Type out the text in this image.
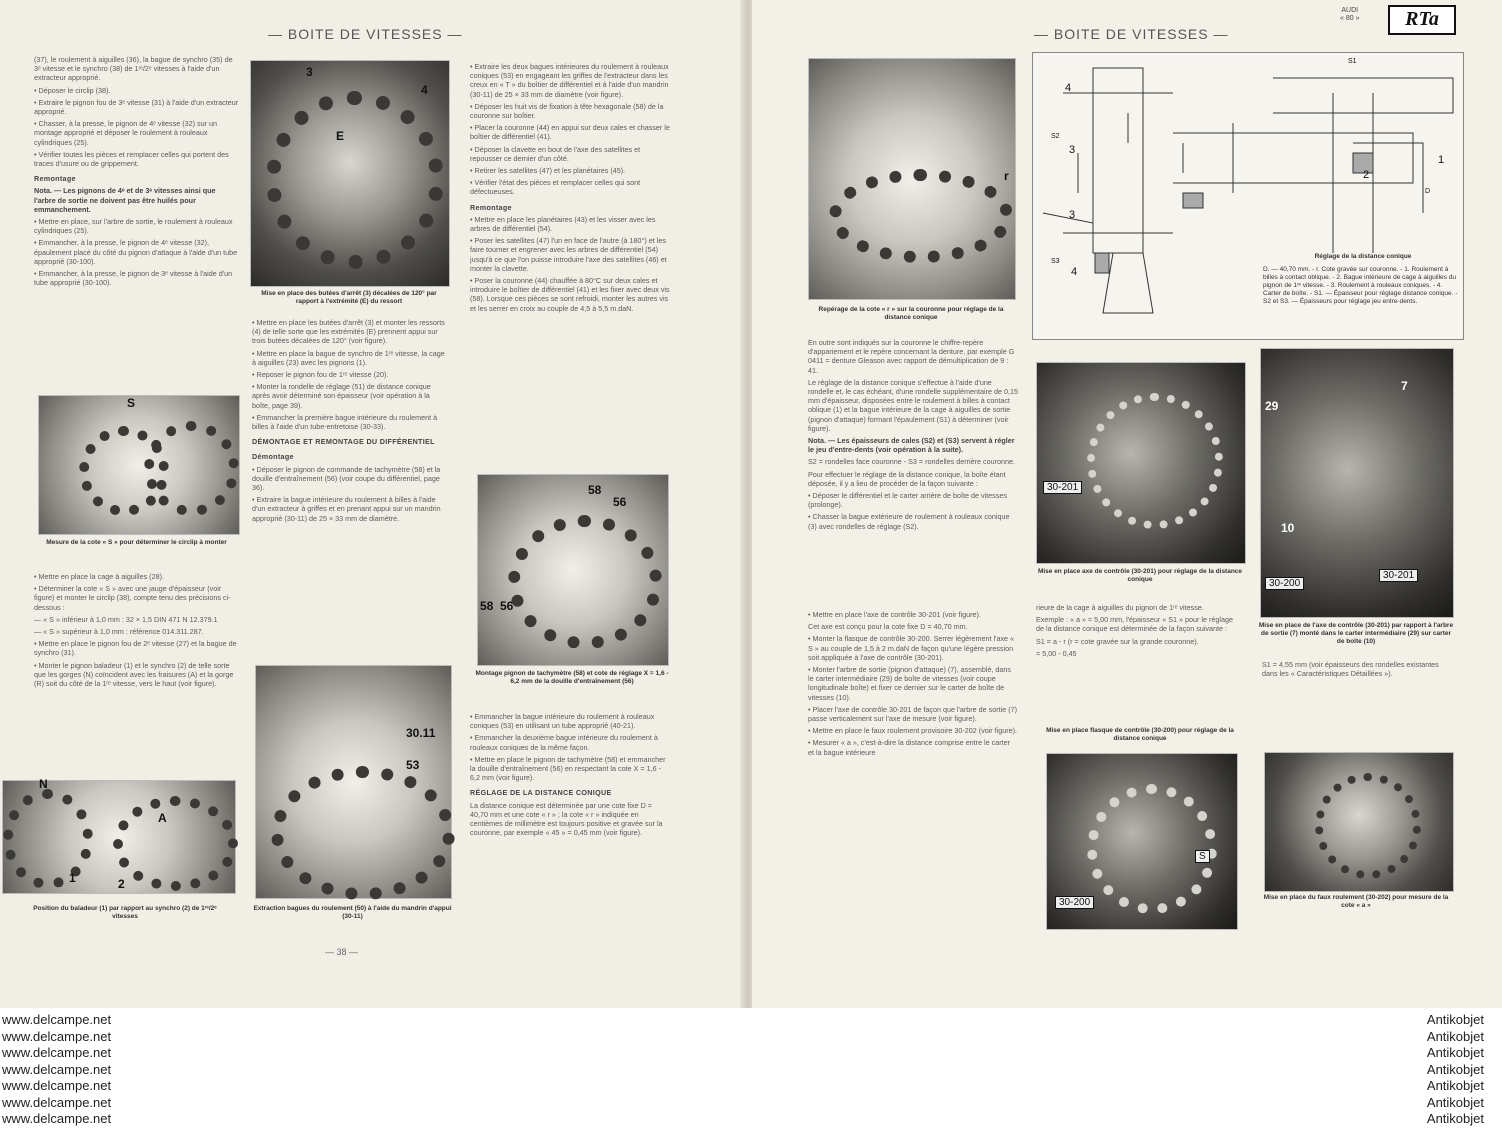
— BOITE DE VITESSES —

(37), le roulement à aiguilles (36), la bague de synchro (35) de 3ᵉ vitesse et le synchro (38) de 1ʳᵉ/2ᵉ vitesses à l'aide d'un extracteur approprié.

• Déposer le circlip (38).

• Extraire le pignon fou de 3ᵉ vitesse (31) à l'aide d'un extracteur approprié.

• Chasser, à la presse, le pignon de 4ᵉ vitesse (32) sur un montage approprié et déposer le roulement à rouleaux cylindriques (25).

• Vérifier toutes les pièces et remplacer celles qui portent des traces d'usure ou de grippement.

Remontage

Nota. — Les pignons de 4ᵉ et de 3ᵉ vitesses ainsi que l'arbre de sortie ne doivent pas être huilés pour emmanchement.

• Mettre en place, sur l'arbre de sortie, le roulement à rouleaux cylindriques (25).

• Emmancher, à la presse, le pignon de 4ᵉ vitesse (32), épaulement placé du côté du pignon d'attaque à l'aide d'un tube approprié (30-100).

• Emmancher, à la presse, le pignon de 3ᵉ vitesse à l'aide d'un tube approprié (30-100).

S
Mesure de la cote « S » pour déterminer le circlip à monter

• Mettre en place la cage à aiguilles (28).

• Déterminer la cote « S » avec une jauge d'épaisseur (voir figure) et monter le circlip (38), compte tenu des précisions ci-dessous :

— « S » inférieur à 1,0 mm : 32 × 1,5 DIN 471 N 12.379.1

— « S » supérieur à 1,0 mm : référence 014.311.287.

• Mettre en place le pignon fou de 2ᵉ vitesse (27) et la bague de synchro (31).

• Monter le pignon baladeur (1) et le synchro (2) de telle sorte que les gorges (N) coïncident avec les fraisures (A) et la gorge (R) soit du côté de la 1ʳᵉ vitesse, vers le haut (voir figure).

N
A
1	2
Position du baladeur (1) par rapport au synchro (2) de 1ʳᵉ/2ᵉ vitesses
3
4
E
Mise en place des butées d'arrêt (3) décalées de 120° par rapport à l'extrémité (E) du ressort

• Mettre en place les butées d'arrêt (3) et monter les ressorts (4) de telle sorte que les extrémités (E) prennent appui sur trois butées décalées de 120° (voir figure).

• Mettre en place la bague de synchro de 1ʳᵉ vitesse, la cage à aiguilles (23) avec les pignons (1).

• Reposer le pignon fou de 1ʳᵉ vitesse (20).

• Monter la rondelle de réglage (51) de distance conique après avoir déterminé son épaisseur (voir opération à la boîte, page 39).

• Emmancher la première bague intérieure du roulement à billes à l'aide d'un tube-entretoise (30-33).

DÉMONTAGE ET REMONTAGE DU DIFFÉRENTIEL
Démontage

• Déposer le pignon de commande de tachymètre (58) et la douille d'entraînement (56) (voir coupe du différentiel, page 36).

• Extraire la bague intérieure du roulement à billes à l'aide d'un extracteur à griffes et en prenant appui sur un mandrin approprié (30-11) de 25 × 33 mm de diamètre.

30.11
53
Extraction bagues du roulement (50) à l'aide du mandrin d'appui (30-11)

• Extraire les deux bagues intérieures du roulement à rouleaux coniques (53) en engageant les griffes de l'extracteur dans les creux en « T » du boîtier de différentiel et à l'aide d'un mandrin (30-11) de 25 × 33 mm de diamètre (voir figure).

• Déposer les huit vis de fixation à tête hexagonale (58) de la couronne sur boîtier.

• Placer la couronne (44) en appui sur deux cales et chasser le boîtier de différentiel (41).

• Déposer la clavette en bout de l'axe des satellites et repousser ce dernier d'un côté.

• Retirer les satellites (47) et les planétaires (45).

• Vérifier l'état des pièces et remplacer celles qui sont défectueuses.

Remontage

• Mettre en place les planétaires (43) et les visser avec les arbres de différentiel (54).

• Poser les satellites (47) l'un en face de l'autre (à 180°) et les faire tourner et engrener avec les arbres de différentiel (54) jusqu'à ce que l'on puisse introduire l'axe des satellites (46) et monter la clavette.

• Poser la couronne (44) chauffée à 80°C sur deux cales et introduire le boîtier de différentiel (41) et les fixer avec deux vis (58). Lorsque ces pièces se sont refroidi, monter les autres vis et les serrer en croix au couple de 4,5 à 5,5 m.daN.

58
56
58 56
Montage pignon de tachymètre (58) et cote de réglage X = 1,6 - 6,2 mm de la douille d'entraînement (56)

• Emmancher la bague intérieure du roulement à rouleaux coniques (53) en utilisant un tube approprié (40-21).

• Emmancher la deuxième bague intérieure du roulement à rouleaux coniques de la même façon.

• Mettre en place le pignon de tachymètre (58) et emmancher la douille d'entraînement (56) en respectant la cote X = 1,6 - 6,2 mm (voir figure).

RÉGLAGE DE LA DISTANCE CONIQUE

La distance conique est déterminée par une cote fixe D = 40,70 mm et une cote « r » ; la cote « r » indiquée en centièmes de millimètre est toujours positive et gravée sur la couronne, par exemple « 45 » = 0,45 mm (voir figure).

— 38 —
— BOITE DE VITESSES —
r
Repérage de la cote « r » sur la couronne pour réglage de la distance conique
4
3
3
4
1
2
S1
S2
S3
D
Réglage de la distance conique
D. — 40,70 mm. - r. Cote gravée sur couronne. - 1. Roulement à billes à contact oblique. - 2. Bague intérieure de cage à aiguilles du pignon de 1ʳᵉ vitesse. - 3. Roulement à rouleaux coniques. - 4. Carter de boîte. - S1. — Épaisseur pour réglage distance conique. - S2 et S3. — Épaisseurs pour réglage jeu entre-dents.

En outre sont indiqués sur la couronne le chiffre-repère d'appariement et le repère concernant la denture, par exemple G 0411 = denture Gleason avec rapport de démultiplication de 9 : 41.

Le réglage de la distance conique s'effectue à l'aide d'une rondelle et, le cas échéant, d'une rondelle supplémentaire de 0,15 mm d'épaisseur, disposées entre le roulement à billes à contact oblique (1) et la bague intérieure de la cage à aiguilles de sortie (pignon d'attaque) formant l'épaulement (S1) à déterminer (voir figure).

Nota. — Les épaisseurs de cales (S2) et (S3) servent à régler le jeu d'entre-dents (voir opération à la suite).

S2 = rondelles face couronne - S3 = rondelles derrière couronne.

Pour effectuer le réglage de la distance conique, la boîte étant déposée, il y a lieu de procéder de la façon suivante :

• Déposer le différentiel et le carter arrière de boîte de vitesses (prolonge).

• Chasser la bague extérieure de roulement à rouleaux conique (3) avec rondelles de réglage (S2).

• Mettre en place l'axe de contrôle 30-201 (voir figure).

Cet axe est conçu pour la cote fixe D = 40,70 mm.

• Monter la flasque de contrôle 30-200. Serrer légèrement l'axe « S » au couple de 1,5 à 2 m.daN de façon qu'une légère pression soit appliquée à l'axe de contrôle (30-201).

• Monter l'arbre de sortie (pignon d'attaque) (7), assemblé, dans le carter intermédiaire (29) de boîte de vitesses (voir coupe longitudinale boîte) et fixer ce dernier sur le carter de boîte de vitesses (10).

• Placer l'axe de contrôle 30-201 de façon que l'arbre de sortie (7) passe verticalement sur l'axe de mesure (voir figure).

• Mettre en place le faux roulement provisoire 30-202 (voir figure).

• Mesurer « a », c'est-à-dire la distance comprise entre le carter et la bague intérieure

30-201
Mise en place axe de contrôle (30-201) pour réglage de la distance conique

rieure de la cage à aiguilles du pignon de 1ʳᵉ vitesse.

Exemple : « a » = 5,00 mm, l'épaisseur « S1 » pour le réglage de la distance conique est déterminée de la façon suivante :

S1 = a - r (r = cote gravée sur la grande couronne).

= 5,00 - 0,45

Mise en place flasque de contrôle (30-200) pour réglage de la distance conique
30-200
S
29
7
10
30-200
30-201
Mise en place de l'axe de contrôle (30-201) par rapport à l'arbre de sortie (7) monté dans le carter intermédiaire (29) sur carter de boîte (10)

S1 = 4,55 mm (voir épaisseurs des rondelles existantes dans les « Caractéristiques Détaillées »).

Mise en place du faux roulement (30-202) pour mesure de la cote « a »
AUDI
« 80 »	RTa
www.delcampe.net
www.delcampe.net
www.delcampe.net
www.delcampe.net
www.delcampe.net
www.delcampe.net
www.delcampe.net
Antikobjet
Antikobjet
Antikobjet
Antikobjet
Antikobjet
Antikobjet
Antikobjet
